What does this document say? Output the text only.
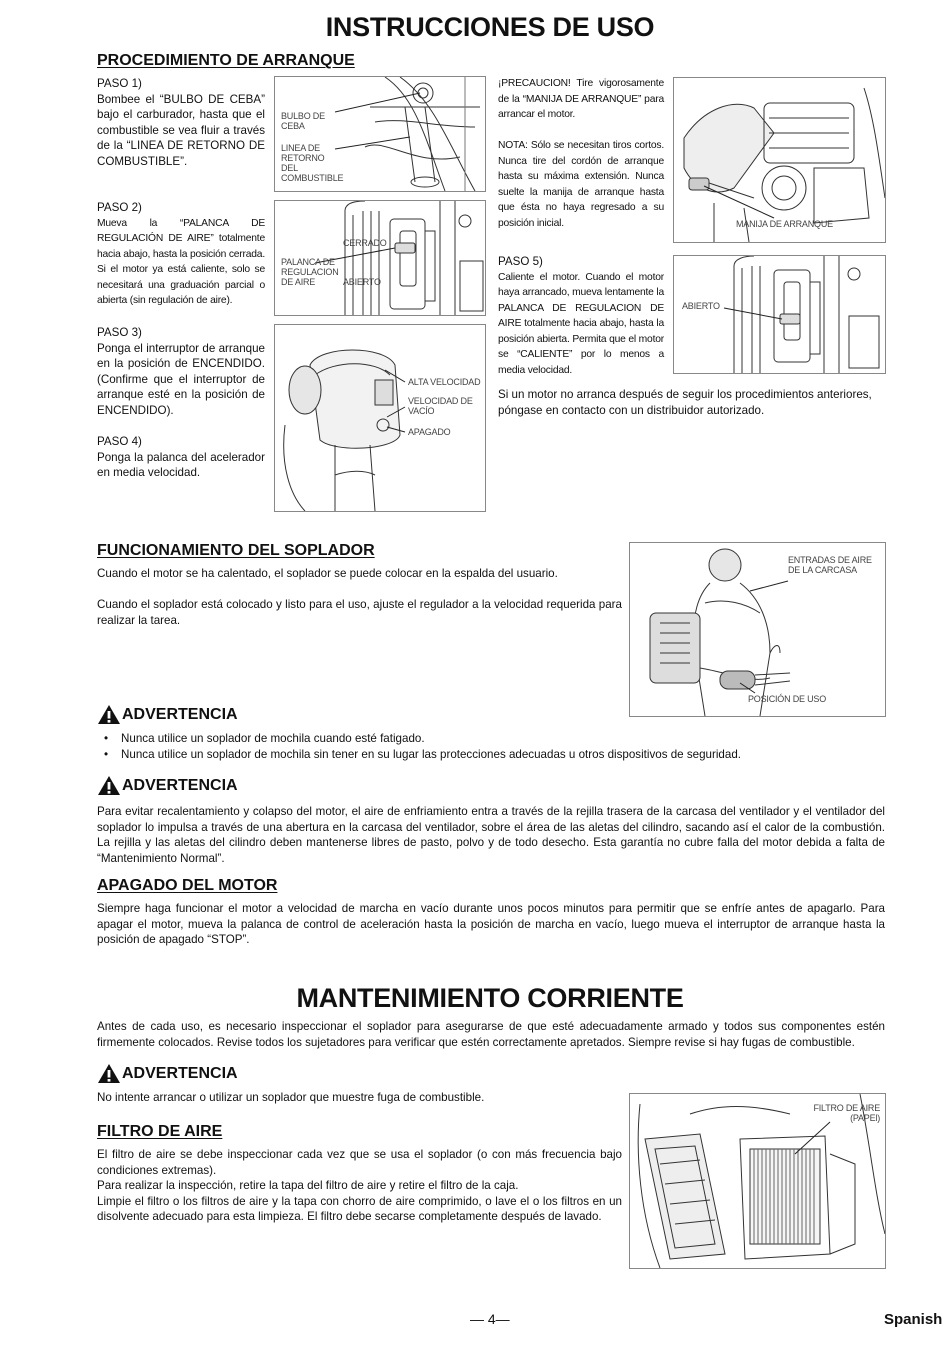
INSTRUCCIONES DE USO
PROCEDIMIENTO DE ARRANQUE
PASO 1)
Bombee el “BULBO DE CEBA” bajo el carburador, hasta que el combustible se vea fluir a través de la “LINEA DE RETORNO DE COMBUSTIBLE”.
PASO 2)
Mueva la “PALANCA DE REGULACIÓN DE AIRE” totalmente hacia abajo, hasta la posición cerrada. Si el motor ya está caliente, solo se necesitará una graduación parcial o abierta (sin regulación de aire).
PASO 3)
Ponga el interruptor de arranque en la posición de ENCENDIDO. (Confirme que el interruptor de arranque esté en la posición de ENCENDIDO).
PASO 4)
Ponga la palanca del acelerador en media velocidad.
BULBO DE CEBA
LINEA DE RETORNO DEL COMBUSTIBLE
PALANCA DE REGULACION DE AIRE
CERRADO
ABIERTO
ALTA VELOCIDAD
VELOCIDAD DE VACÍO
APAGADO
¡PRECAUCION! Tire vigorosamente de la “MANIJA DE ARRANQUE” para arrancar el motor.
NOTA: Sólo se necesitan tiros cortos. Nunca tire del cordón de arranque hasta su máxima extensión. Nunca suelte la manija de arranque hasta que ésta no haya regresado a su posición inicial.
PASO 5)
Caliente el motor. Cuando el motor haya arrancado, mueva lentamente la PALANCA DE REGULACION DE AIRE totalmente hacia abajo, hasta la posición abierta. Permita que el motor se “CALIENTE” por lo menos a media velocidad.
MANIJA DE ARRANQUE
ABIERTO
Si un motor no arranca después de seguir los procedimientos anteriores, póngase en contacto con un distribuidor autorizado.
FUNCIONAMIENTO DEL SOPLADOR
Cuando el motor se ha calentado, el soplador se puede colocar en la espalda del usuario.
Cuando el soplador está colocado y listo para el uso, ajuste el regulador a la velocidad requerida para realizar la tarea.
ENTRADAS DE AIRE DE LA CARCASA
POSICIÓN DE USO
ADVERTENCIA
• Nunca utilice un soplador de mochila cuando esté fatigado.
• Nunca utilice un soplador de mochila sin tener en su lugar las protecciones adecuadas u otros dispositivos de seguridad.
ADVERTENCIA
Para evitar recalentamiento y colapso del motor, el aire de enfriamiento entra a través de la rejilla trasera de la carcasa del ventilador y el ventilador del soplador lo impulsa a través de una abertura en la carcasa del ventilador, sobre el área de las aletas del cilindro, sacando así el calor de la combustión. La rejilla y las aletas del cilindro deben mantenerse libres de pasto, polvo y de todo desecho. Esta garantía no cubre falla del motor debida a falta de “Mantenimiento Normal”.
APAGADO DEL MOTOR
Siempre haga funcionar el motor a velocidad de marcha en vacío durante unos pocos minutos para permitir que se enfríe antes de apagarlo. Para apagar el motor, mueva la palanca de control de aceleración hasta la posición de marcha en vacío, luego mueva el interruptor de arranque hasta la posición de apagado “STOP”.
MANTENIMIENTO CORRIENTE
Antes de cada uso, es necesario inspeccionar el soplador para asegurarse de que esté adecuadamente armado y todos sus componentes estén firmemente colocados. Revise todos los sujetadores para verificar que estén correctamente apretados. Siempre revise si hay fugas de combustible.
ADVERTENCIA
No intente arrancar o utilizar un soplador que muestre fuga de combustible.
FILTRO DE AIRE
El filtro de aire se debe inspeccionar cada vez que se usa el soplador (o con más frecuencia bajo condiciones extremas).
Para realizar la inspección, retire la tapa del filtro de aire y retire el filtro de la caja.
Limpie el filtro o los filtros de aire y la tapa con chorro de aire comprimido, o lave el o los filtros en un disolvente adecuado para esta limpieza. El filtro debe secarse completamente después de lavado.
FILTRO DE AIRE (PAPEl)
— 4—	Spanish
